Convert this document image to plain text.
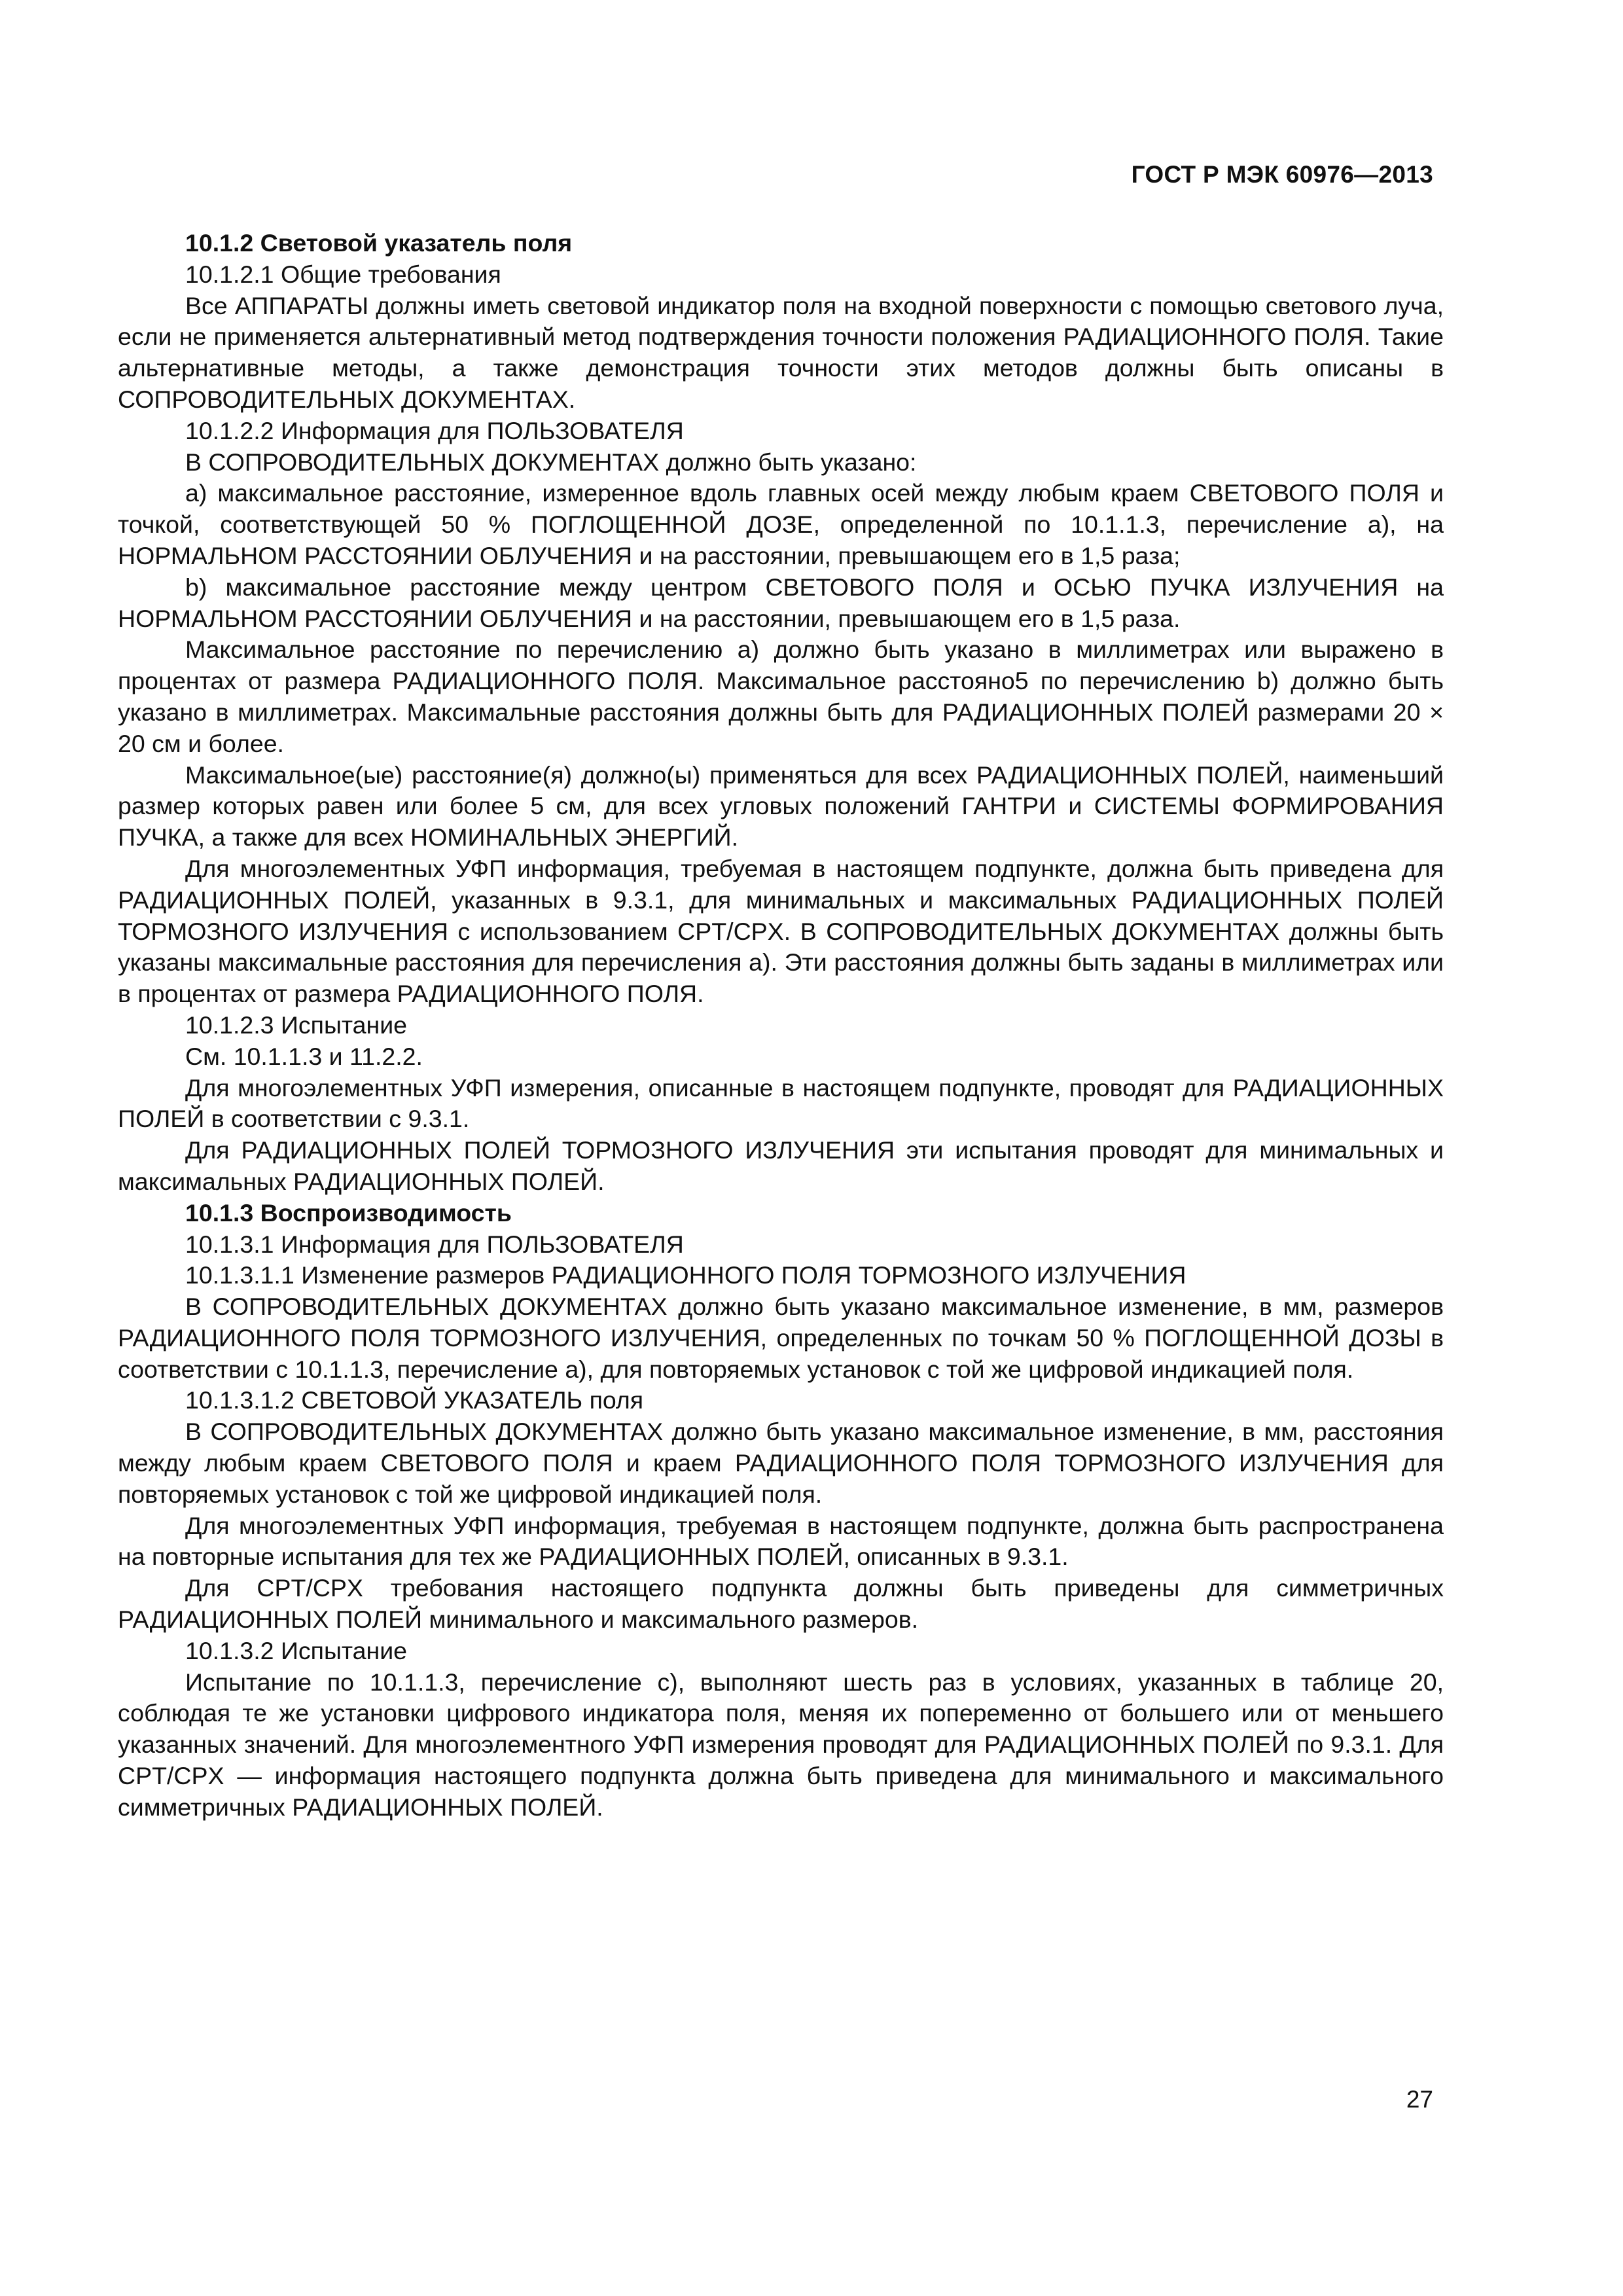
ГОСТ Р МЭК 60976—2013

10.1.2 Световой указатель поля

10.1.2.1 Общие требования

Все АППАРАТЫ должны иметь световой индикатор поля на входной поверхности с помощью светового луча, если не применяется альтернативный метод подтверждения точности положения РАДИАЦИОННОГО ПОЛЯ. Такие альтернативные методы, а также демонстрация точности этих методов должны быть описаны в СОПРОВОДИТЕЛЬНЫХ ДОКУМЕНТАХ.

10.1.2.2 Информация для ПОЛЬЗОВАТЕЛЯ

В СОПРОВОДИТЕЛЬНЫХ ДОКУМЕНТАХ должно быть указано:

a) максимальное расстояние, измеренное вдоль главных осей между любым краем СВЕТОВОГО ПОЛЯ и точкой, соответствующей 50 % ПОГЛОЩЕННОЙ ДОЗЕ, определенной по 10.1.1.3, перечисление а), на НОРМАЛЬНОМ РАССТОЯНИИ ОБЛУЧЕНИЯ и на расстоянии, превышающем его в 1,5 раза;

b) максимальное расстояние между центром СВЕТОВОГО ПОЛЯ и ОСЬЮ ПУЧКА ИЗЛУЧЕНИЯ на НОРМАЛЬНОМ РАССТОЯНИИ ОБЛУЧЕНИЯ и на расстоянии, превышающем его в 1,5 раза.

Максимальное расстояние по перечислению а) должно быть указано в миллиметрах или выражено в процентах от размера РАДИАЦИОННОГО ПОЛЯ. Максимальное расстояно5 по перечислению b) должно быть указано в миллиметрах. Максимальные расстояния должны быть для РАДИАЦИОННЫХ ПОЛЕЙ размерами 20 × 20 см и более.

Максимальное(ые) расстояние(я) должно(ы) применяться для всех РАДИАЦИОННЫХ ПОЛЕЙ, наименьший размер которых равен или более 5 см, для всех угловых положений ГАНТРИ и СИСТЕМЫ ФОРМИРОВАНИЯ ПУЧКА, а также для всех НОМИНАЛЬНЫХ ЭНЕРГИЙ.

Для многоэлементных УФП информация, требуемая в настоящем подпункте, должна быть приведена для РАДИАЦИОННЫХ ПОЛЕЙ, указанных в 9.3.1, для минимальных и максимальных РАДИАЦИОННЫХ ПОЛЕЙ ТОРМОЗНОГО ИЗЛУЧЕНИЯ с использованием CPT/CPX. В СОПРОВОДИТЕЛЬНЫХ ДОКУМЕНТАХ должны быть указаны максимальные расстояния для перечисления а). Эти расстояния должны быть заданы в миллиметрах или в процентах от размера РАДИАЦИОННОГО ПОЛЯ.

10.1.2.3 Испытание

См. 10.1.1.3 и 11.2.2.

Для многоэлементных УФП измерения, описанные в настоящем подпункте, проводят для РАДИАЦИОННЫХ ПОЛЕЙ в соответствии с 9.3.1.

Для РАДИАЦИОННЫХ ПОЛЕЙ ТОРМОЗНОГО ИЗЛУЧЕНИЯ эти испытания проводят для минимальных и максимальных РАДИАЦИОННЫХ ПОЛЕЙ.

10.1.3 Воспроизводимость

10.1.3.1 Информация для ПОЛЬЗОВАТЕЛЯ

10.1.3.1.1 Изменение размеров РАДИАЦИОННОГО ПОЛЯ ТОРМОЗНОГО ИЗЛУЧЕНИЯ

В СОПРОВОДИТЕЛЬНЫХ ДОКУМЕНТАХ должно быть указано максимальное изменение, в мм, размеров РАДИАЦИОННОГО ПОЛЯ ТОРМОЗНОГО ИЗЛУЧЕНИЯ, определенных по точкам 50 % ПОГЛОЩЕННОЙ ДОЗЫ в соответствии с 10.1.1.3, перечисление а), для повторяемых установок с той же цифровой индикацией поля.

10.1.3.1.2 СВЕТОВОЙ УКАЗАТЕЛЬ поля

В СОПРОВОДИТЕЛЬНЫХ ДОКУМЕНТАХ должно быть указано максимальное изменение, в мм, расстояния между любым краем СВЕТОВОГО ПОЛЯ и краем РАДИАЦИОННОГО ПОЛЯ ТОРМОЗНОГО ИЗЛУЧЕНИЯ для повторяемых установок с той же цифровой индикацией поля.

Для многоэлементных УФП информация, требуемая в настоящем подпункте, должна быть распространена на повторные испытания для тех же РАДИАЦИОННЫХ ПОЛЕЙ, описанных в 9.3.1.

Для CPT/CPX требования настоящего подпункта должны быть приведены для симметричных РАДИАЦИОННЫХ ПОЛЕЙ минимального и максимального размеров.

10.1.3.2 Испытание

Испытание по 10.1.1.3, перечисление с), выполняют шесть раз в условиях, указанных в таблице 20, соблюдая те же установки цифрового индикатора поля, меняя их попеременно от большего или от меньшего указанных значений. Для многоэлементного УФП измерения проводят для РАДИАЦИОННЫХ ПОЛЕЙ по 9.3.1. Для CPT/CPX — информация настоящего подпункта должна быть приведена для минимального и максимального симметричных РАДИАЦИОННЫХ ПОЛЕЙ.

27
